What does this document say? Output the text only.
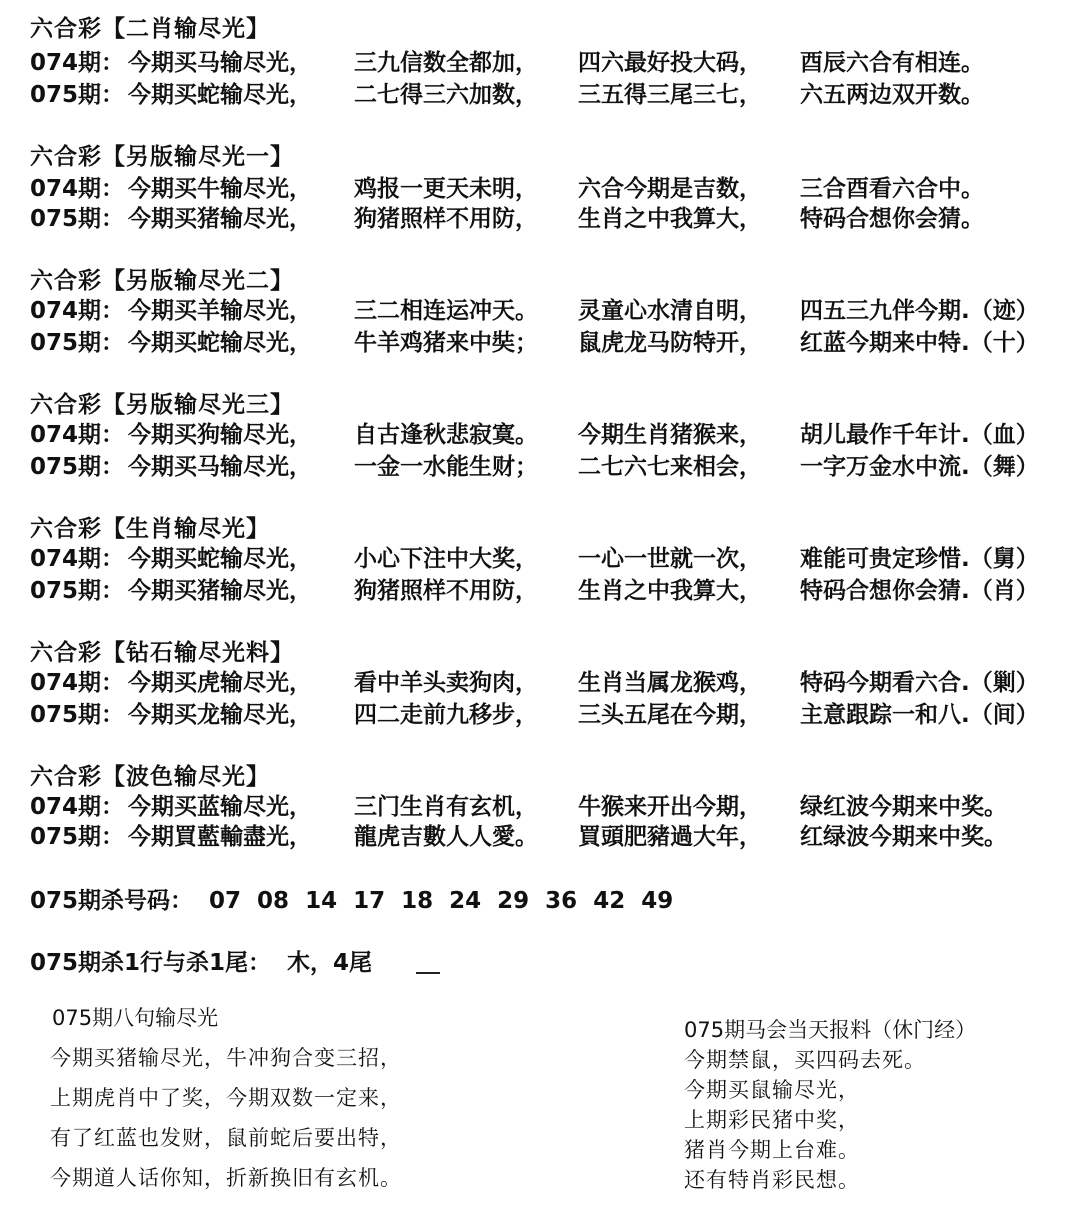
六合彩【二肖输尽光】
074期： 今期买马输尽光， 三九信数全都加， 四六最好投大码， 酉辰六合有相连。
075期： 今期买蛇输尽光， 二七得三六加数， 三五得三尾三七， 六五两边双开数。
六合彩【另版输尽光一】
074期： 今期买牛输尽光， 鸡报一更天未明， 六合今期是吉数， 三合酉看六合中。
075期： 今期买猪输尽光， 狗猪照样不用防， 生肖之中我算大， 特码合想你会猜。
六合彩【另版输尽光二】
074期： 今期买羊输尽光， 三二相连运冲天。 灵童心水清自明， 四五三九伴今期.（迹）
075期： 今期买蛇输尽光， 牛羊鸡猪来中奘； 鼠虎龙马防特开， 红蓝今期来中特.（十）
六合彩【另版输尽光三】
074期： 今期买狗输尽光， 自古逢秋悲寂寞。 今期生肖猪猴来， 胡儿最作千年计.（血）
075期： 今期买马输尽光， 一金一水能生财； 二七六七来相会， 一字万金水中流.（舞）
六合彩【生肖输尽光】
074期： 今期买蛇输尽光， 小心下注中大奖， 一心一世就一次， 难能可贵定珍惜.（舅）
075期： 今期买猪输尽光， 狗猪照样不用防， 生肖之中我算大， 特码合想你会猜.（肖）
六合彩【钻石输尽光料】
074期： 今期买虎输尽光， 看中羊头卖狗肉， 生肖当属龙猴鸡， 特码今期看六合.（剿）
075期： 今期买龙输尽光， 四二走前九移步， 三头五尾在今期， 主意跟踪一和八.（间）
六合彩【波色输尽光】
074期： 今期买蓝输尽光， 三门生肖有玄机， 牛猴来开出今期， 绿红波今期来中奖。
075期： 今期買藍輸盡光， 龍虎吉數人人愛。 買頭肥豬過大年， 红绿波今期来中奖。
075期杀号码：  07  08  14  17  18  24  29  36  42  49
075期杀1行与杀1尾：  木，4尾
075期八句输尽光
今期买猪输尽光，牛冲狗合变三招，
上期虎肖中了奖，今期双数一定来，
有了红蓝也发财，鼠前蛇后要出特，
今期道人话你知，折新换旧有玄机。
075期马会当天报料（休门经）
今期禁鼠，买四码去死。
今期买鼠输尽光，
上期彩民猪中奖，
猪肖今期上台难。
还有特肖彩民想。
